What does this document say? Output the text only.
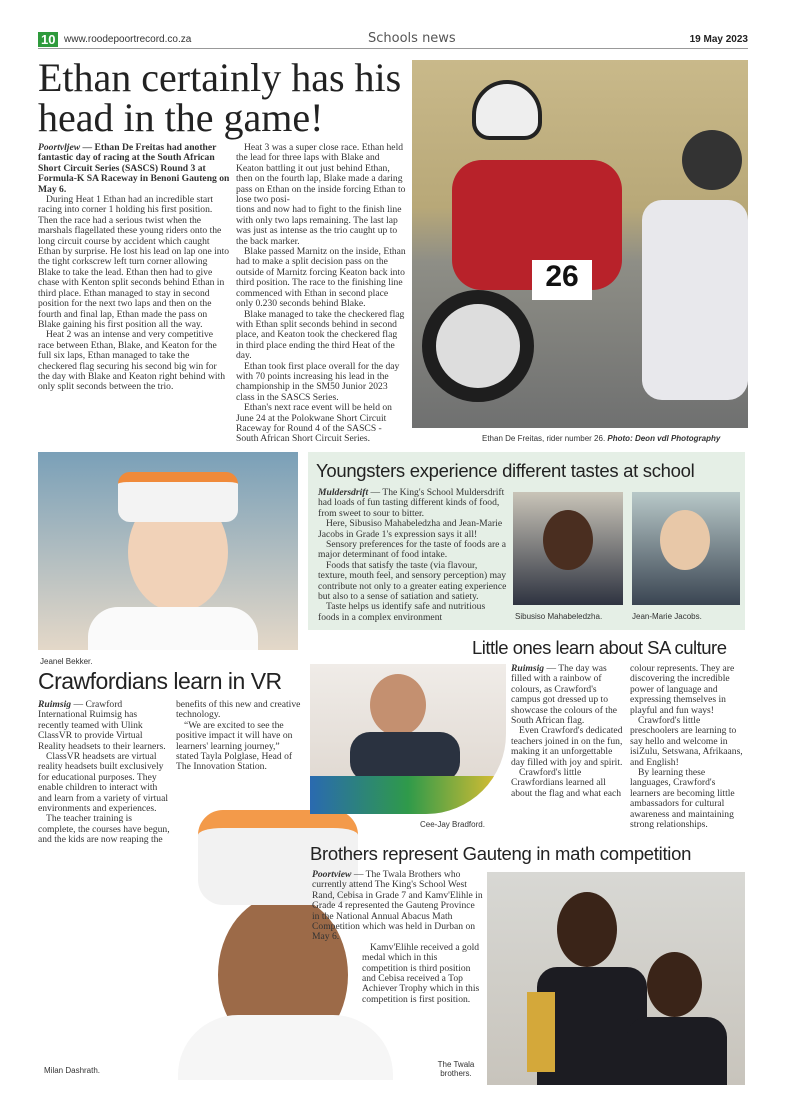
10 www.roodepoortrecord.co.za	Schools news	19 May 2023
Ethan certainly has his head in the game!
26

Poortvljew — Ethan De Freitas had another fantastic day of racing at the South African Short Circuit Series (SASCS) Round 3 at Formula-K SA Raceway in Benoni Gauteng on May 6.

During Heat 1 Ethan had an incredible start racing into corner 1 holding his first position. Then the race had a serious twist when the marshals flagellated these young riders onto the long circuit course by accident which caught Ethan by surprise. He lost his lead on lap one into the tight corkscrew left turn corner allowing Blake to take the lead. Ethan then had to give chase with Kenton split seconds behind Ethan in third place. Ethan managed to stay in second position for the next two laps and then on the fourth and final lap, Ethan made the pass on Blake gaining his first position all the way.

Heat 2 was an intense and very competitive race between Ethan, Blake, and Keaton for the full six laps, Ethan managed to take the checkered flag securing his second big win for the day with Blake and Keaton right behind with only split seconds between the trio.

Heat 3 was a super close race. Ethan held the lead for three laps with Blake and Keaton battling it out just behind Ethan, then on the fourth lap, Blake made a daring pass on Ethan on the inside forcing Ethan to lose two posi-

tions and now had to fight to the finish line with only two laps remaining. The last lap was just as intense as the trio caught up to the back marker.

Blake passed Marnitz on the inside, Ethan had to make a split decision pass on the outside of Marnitz forcing Keaton back into third position. The race to the finishing line commenced with Ethan in second place only 0.230 seconds behind Blake.

Blake managed to take the checkered flag with Ethan split seconds behind in second place, and Keaton took the checkered flag in third place ending the third Heat of the day.

Ethan took first place overall for the day with 70 points increasing his lead in the championship in the SM50 Junior 2023 class in the SASCS Series.

Ethan's next race event will be held on June 24 at the Polokwane Short Circuit Raceway for Round 4 of the SASCS - South African Short Circuit Series.	Ethan De Freitas, rider number 26. Photo: Deon vdl Photography
Jeanel Bekker.
Crawfordians learn in VR

Ruimsig — Crawford International Ruimsig has recently teamed with Ulink ClassVR to provide Virtual Reality headsets to their learners.

ClassVR headsets are virtual reality headsets built exclusively for educational purposes. They enable children to interact with and learn from a variety of virtual environments and experiences.

The teacher training is complete, the courses have begun, and the kids are now reaping the

benefits of this new and creative technology.

“We are excited to see the positive impact it will have on learners' learning journey,” stated Tayla Polglase, Head of The Innovation Station.

Milan Dashrath.
Youngsters experience different tastes at school

Muldersdrift — The King's School Muldersdrift had loads of fun tasting different kinds of food, from sweet to sour to bitter.

Here, Sibusiso Mahabeledzha and Jean-Marie Jacobs in Grade 1's expression says it all!

Sensory preferences for the taste of foods are a major determinant of food intake.

Foods that satisfy the taste (via flavour, texture, mouth feel, and sensory perception) may contribute not only to a greater eating experience but also to a sense of satiation and satiety.

Taste helps us identify safe and nutritious foods in a complex environment	Sibusiso Mahabeledzha.	Jean-Marie Jacobs.
Little ones learn about SA culture
Cee-Jay Bradford.

Ruimsig — The day was filled with a rainbow of colours, as Crawford's campus got dressed up to showcase the colours of the South African flag.

Even Crawford's dedicated teachers joined in on the fun, making it an unforgettable day filled with joy and spirit.

Crawford's little Crawfordians learned all about the flag and what each

colour represents. They are discovering the incredible power of language and expressing themselves in playful and fun ways!

Crawford's little preschoolers are learning to say hello and welcome in isiZulu, Setswana, Afrikaans, and English!

By learning these languages, Crawford's learners are becoming little ambassadors for cultural awareness and maintaining strong relationships.

Brothers represent Gauteng in math competition

Poortview — The Twala Brothers who currently attend The King's School West Rand, Cebisa in Grade 7 and Kamv'Elihle in Grade 4 represented the Gauteng Province in the National Annual Abacus Math Competition which was held in Durban on May 6.

Kamv'Elihle received a gold medal which in this competition is third position and Cebisa received a Top Achiever Trophy which in this competition is first position.

The Twala brothers.
